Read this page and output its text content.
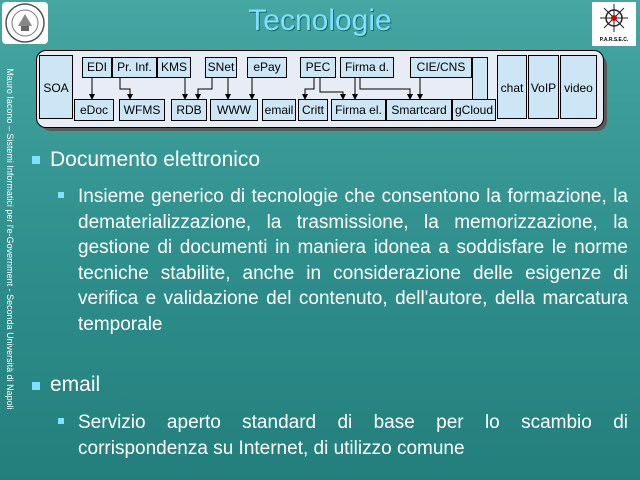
Mauro Iacono – Sistemi Informatici per l'e-Government - Seconda Università di Napoli
Tecnologie
P.A.R.S.E.C.
SOA	chat VoIP video
EDI Pr. Inf. KMS	SNet	ePay	PEC	Firma d.	CIE/CNS
eDoc	WFMS	RDB	WWW	email Critt Firma el. Smartcard gCloud
Documento elettronico
Insieme generico di tecnologie che consentono la formazione, la dematerializzazione, la trasmissione, la memorizzazione, la gestione di documenti in maniera idonea a soddisfare le norme tecniche stabilite, anche in considerazione delle esigenze di verifica e validazione del contenuto, dell'autore, della marcatura temporale
email
Servizio aperto standard di base per lo scambio di corrispondenza su Internet, di utilizzo comune
